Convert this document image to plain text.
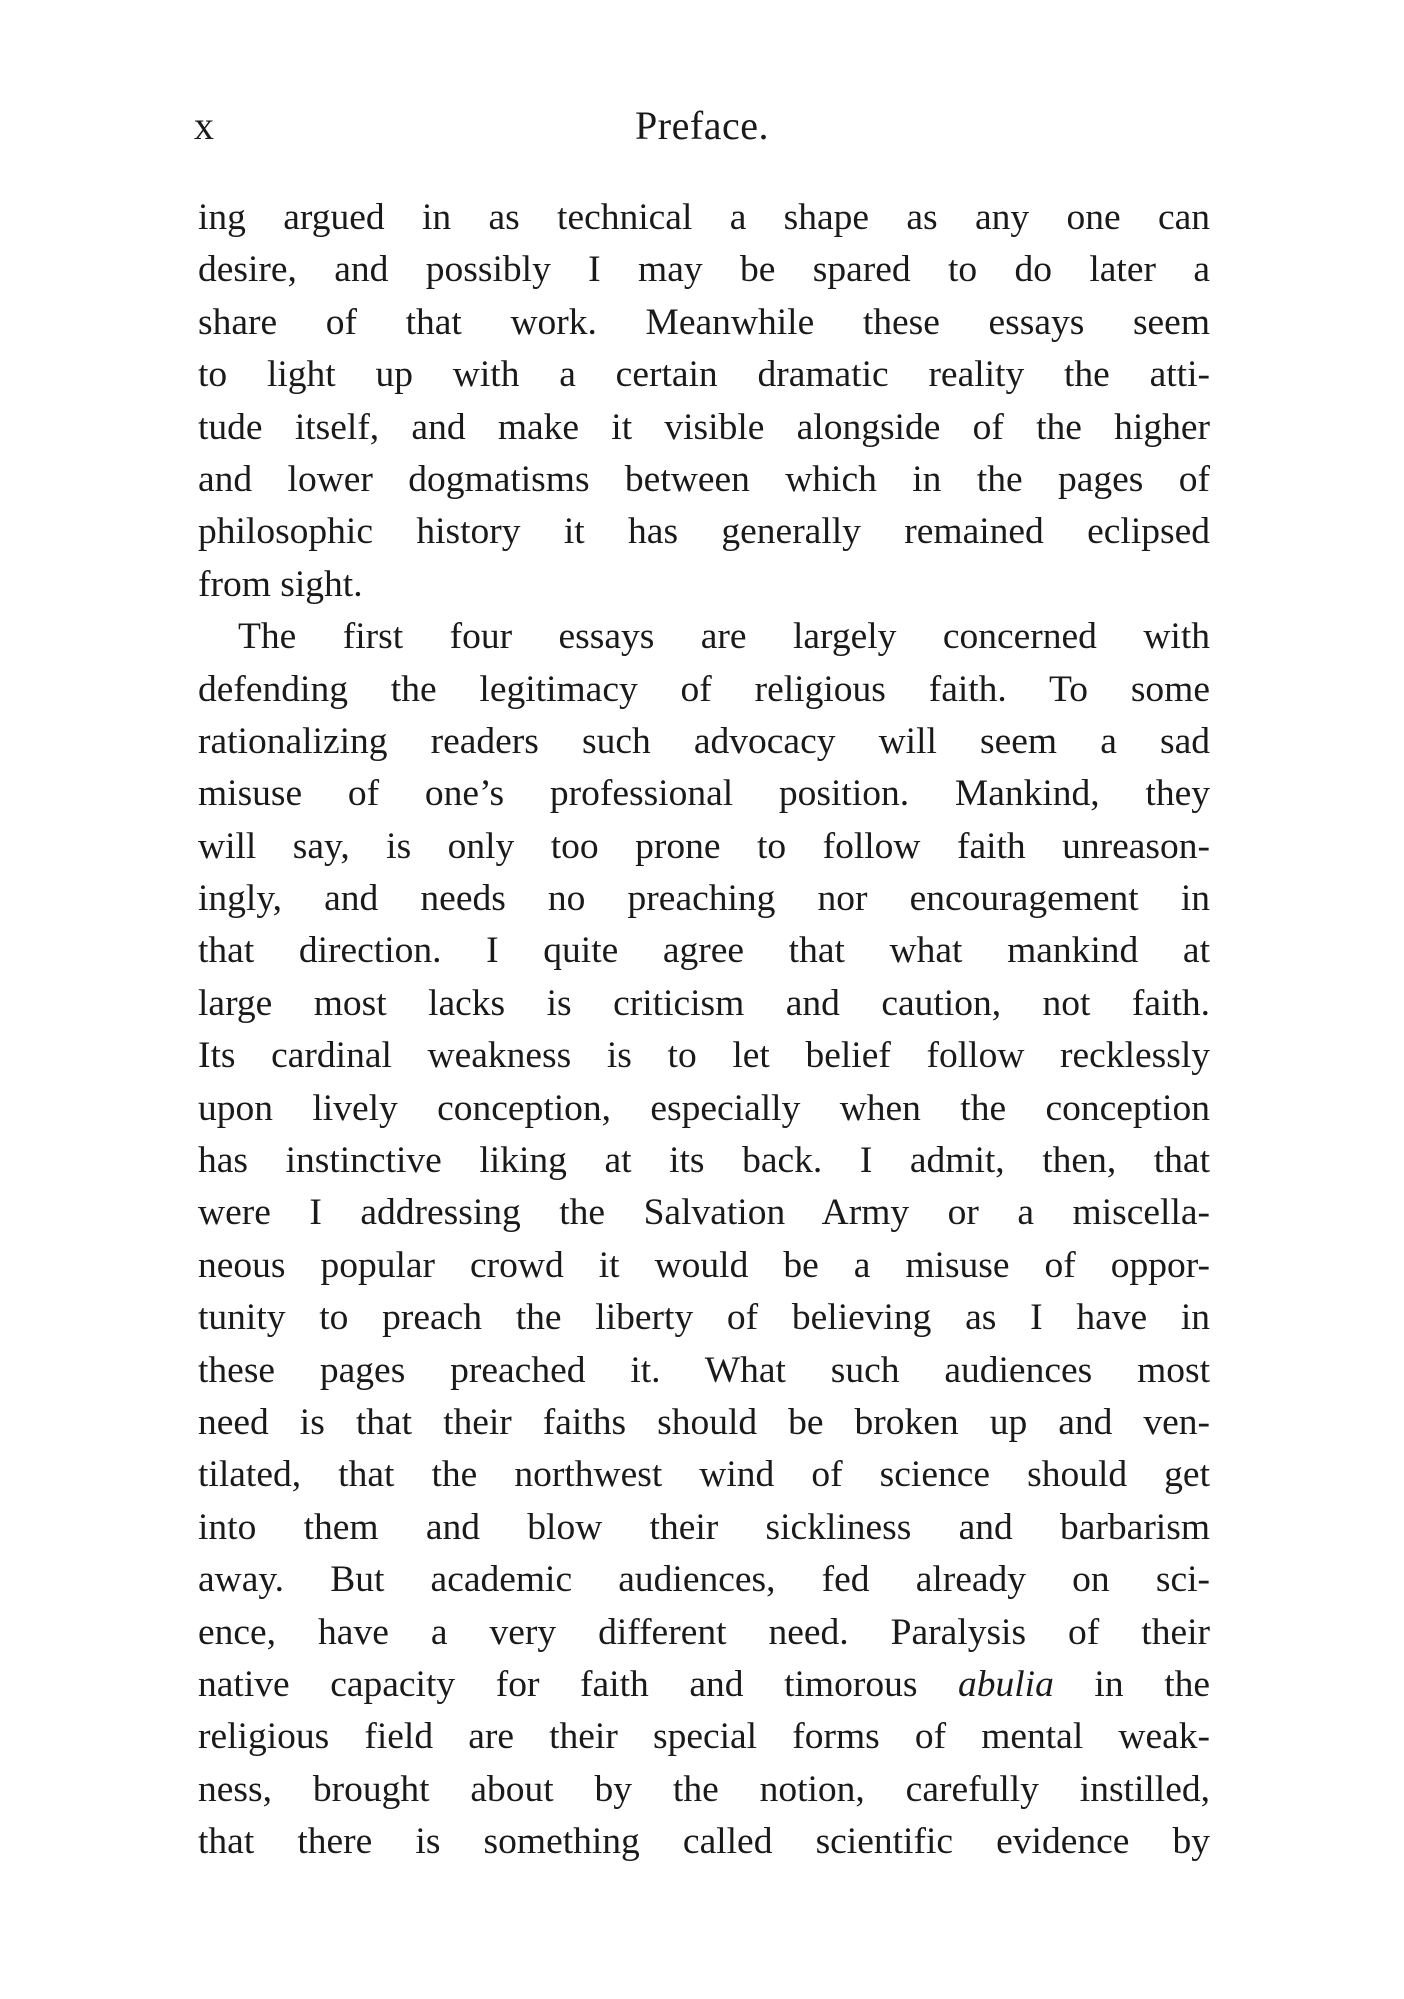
x	Preface.
ing argued in as technical a shape as any one can
desire, and possibly I may be spared to do later a
share of that work. Meanwhile these essays seem
to light up with a certain dramatic reality the atti-
tude itself, and make it visible alongside of the higher
and lower dogmatisms between which in the pages of
philosophic history it has generally remained eclipsed
from sight.
The first four essays are largely concerned with
defending the legitimacy of religious faith. To some
rationalizing readers such advocacy will seem a sad
misuse of one’s professional position. Mankind, they
will say, is only too prone to follow faith unreason-
ingly, and needs no preaching nor encouragement in
that direction. I quite agree that what mankind at
large most lacks is criticism and caution, not faith.
Its cardinal weakness is to let belief follow recklessly
upon lively conception, especially when the conception
has instinctive liking at its back. I admit, then, that
were I addressing the Salvation Army or a miscella-
neous popular crowd it would be a misuse of oppor-
tunity to preach the liberty of believing as I have in
these pages preached it. What such audiences most
need is that their faiths should be broken up and ven-
tilated, that the northwest wind of science should get
into them and blow their sickliness and barbarism
away. But academic audiences, fed already on sci-
ence, have a very different need. Paralysis of their
native capacity for faith and timorous abulia in the
religious field are their special forms of mental weak-
ness, brought about by the notion, carefully instilled,
that there is something called scientific evidence by
